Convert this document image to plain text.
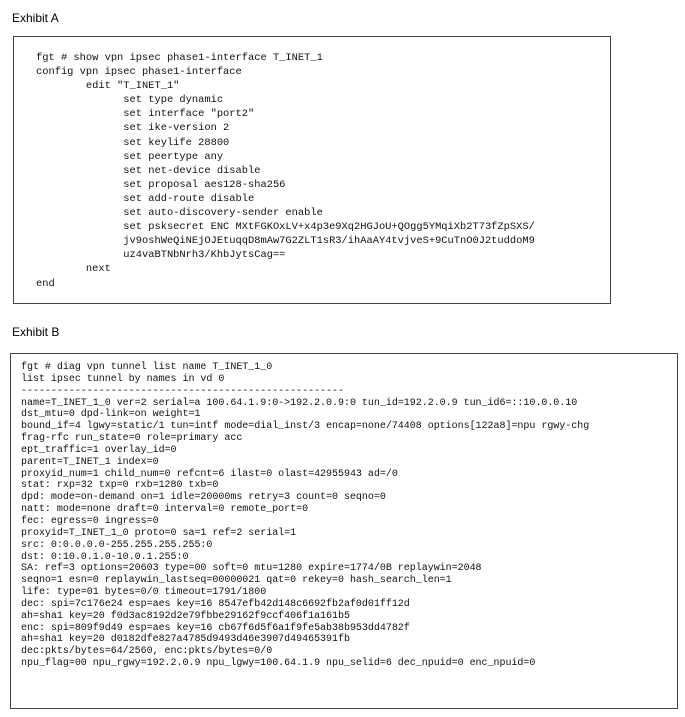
Exhibit A
fgt # show vpn ipsec phase1-interface T_INET_1
config vpn ipsec phase1-interface
edit "T_INET_1"
set type dynamic
set interface "port2"
set ike-version 2
set keylife 28800
set peertype any
set net-device disable
set proposal aes128-sha256
set add-route disable
set auto-discovery-sender enable
set psksecret ENC MXtFGKOxLV+x4p3e9Xq2HGJoU+QOgg5YMqiXb2T73fZpSXS/
jv9oshWeQiNEjOJEtuqqD8mAw7G2ZLT1sR3/ihAaAY4tvjveS+9CuTnO0J2tuddoM9
uz4vaBTNbNrh3/KhbJytsCag==
next
end
Exhibit B
fgt # diag vpn tunnel list name T_INET_1_0
list ipsec tunnel by names in vd 0
------------------------------------------------------
name=T_INET_1_0 ver=2 serial=a 100.64.1.9:0->192.2.0.9:0 tun_id=192.2.0.9 tun_id6=::10.0.0.10
dst_mtu=0 dpd-link=on weight=1
bound_if=4 lgwy=static/1 tun=intf mode=dial_inst/3 encap=none/74408 options[122a8]=npu rgwy-chg
frag-rfc run_state=0 role=primary acc
ept_traffic=1 overlay_id=0
parent=T_INET_1 index=0
proxyid_num=1 child_num=0 refcnt=6 ilast=0 olast=42955943 ad=/0
stat: rxp=32 txp=0 rxb=1280 txb=0
dpd: mode=on-demand on=1 idle=20000ms retry=3 count=0 seqno=0
natt: mode=none draft=0 interval=0 remote_port=0
fec: egress=0 ingress=0
proxyid=T_INET_1_0 proto=0 sa=1 ref=2 serial=1
src: 0:0.0.0.0-255.255.255.255:0
dst: 0:10.0.1.0-10.0.1.255:0
SA: ref=3 options=20603 type=00 soft=0 mtu=1280 expire=1774/0B replaywin=2048
seqno=1 esn=0 replaywin_lastseq=00000021 qat=0 rekey=0 hash_search_len=1
life: type=01 bytes=0/0 timeout=1791/1800
dec: spi=7c176e24 esp=aes key=16 8547efb42d148c6692fb2af0d01ff12d
ah=sha1 key=20 f0d3ac8192d2e79fbbe29162f9ccf406f1a161b5
enc: spi=809f9d49 esp=aes key=16 cb67f6d5f6a1f9fe5ab38b953dd4782f
ah=sha1 key=20 d0182dfe827a4785d9493d46e3907d49465391fb
dec:pkts/bytes=64/2560, enc:pkts/bytes=0/0
npu_flag=00 npu_rgwy=192.2.0.9 npu_lgwy=100.64.1.9 npu_selid=6 dec_npuid=0 enc_npuid=0
